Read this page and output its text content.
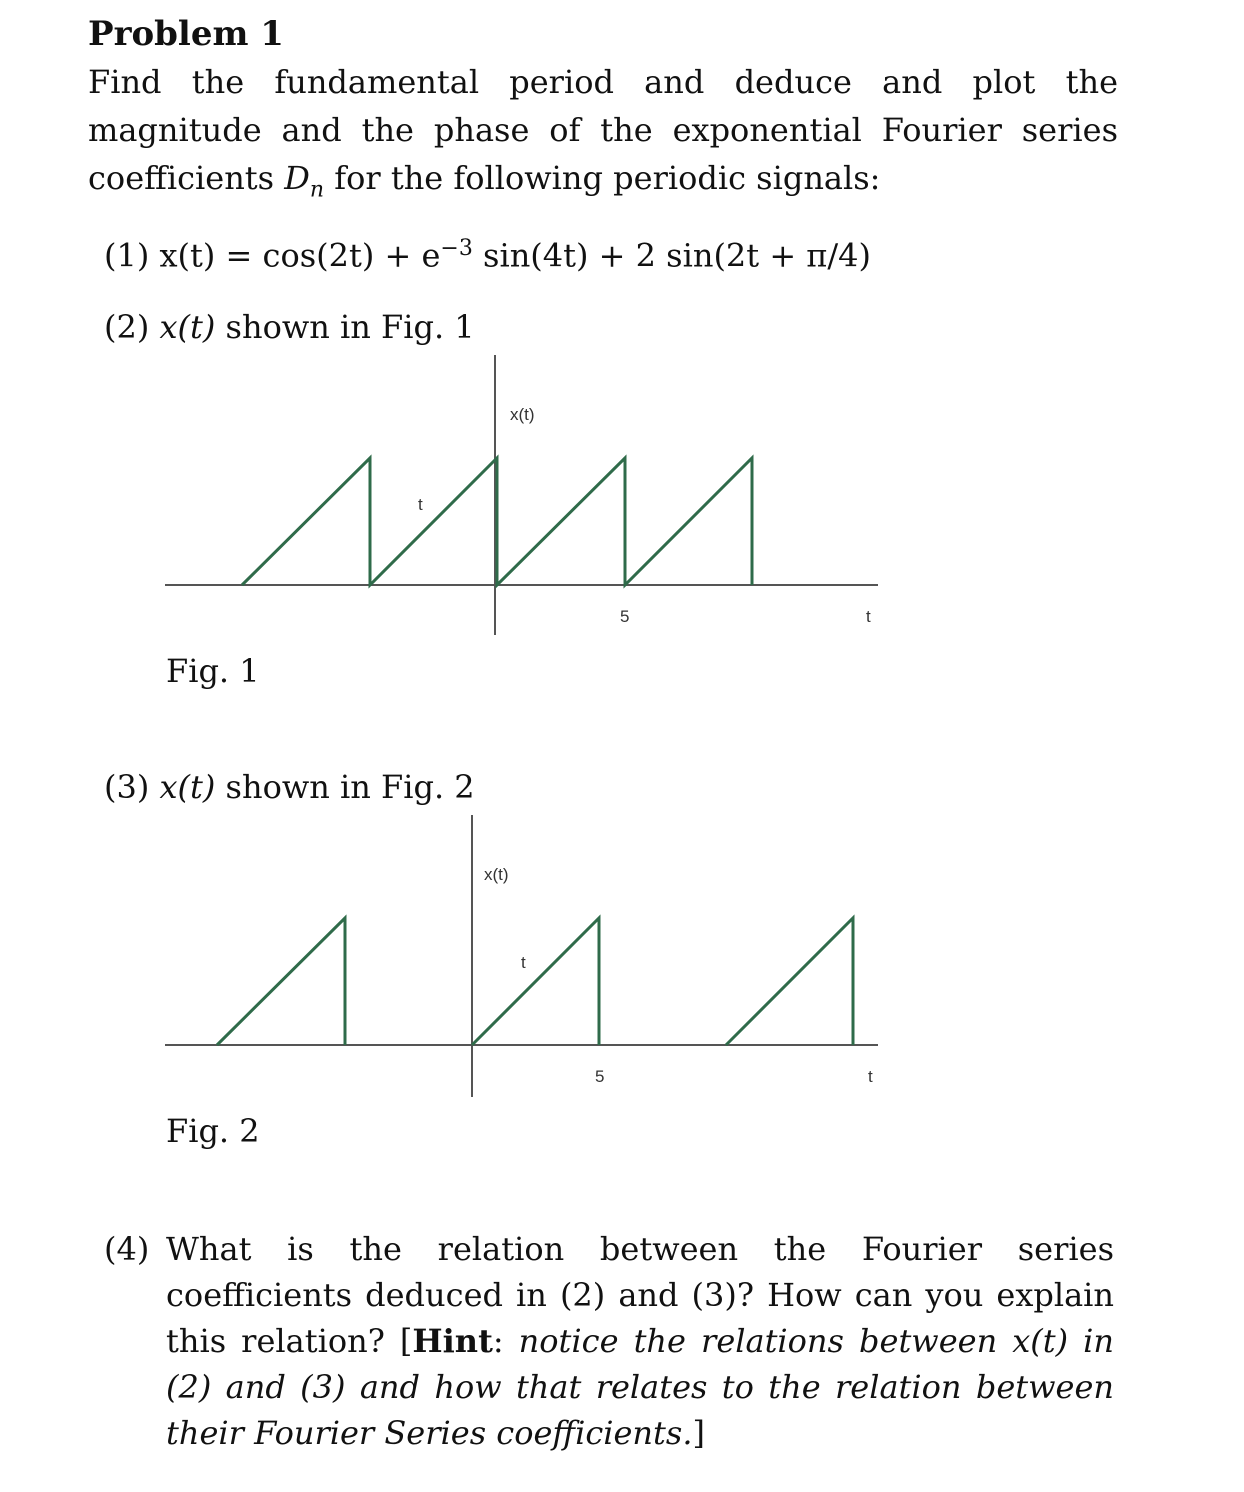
Problem 1
Find the fundamental period and deduce and plot the magnitude and the phase of the exponential Fourier series coefficients $D_n$ for the following periodic signals:
(1) $x(t) = \cos(2t) + e^{-3}$ sin(4t) + 2 sin(2t + π/4)
(2) x(t) shown in Fig. 1
x(t)
t
5	t
Fig. 1
(3) x(t) shown in Fig. 2
x(t)
t
5	t
Fig. 2
(4) What is the relation between the Fourier series coefficients deduced in (2) and (3)? How can you explain this relation? [Hint: notice the relations between x(t) in (2) and (3) and how that relates to the relation between their Fourier Series coefficients.]
